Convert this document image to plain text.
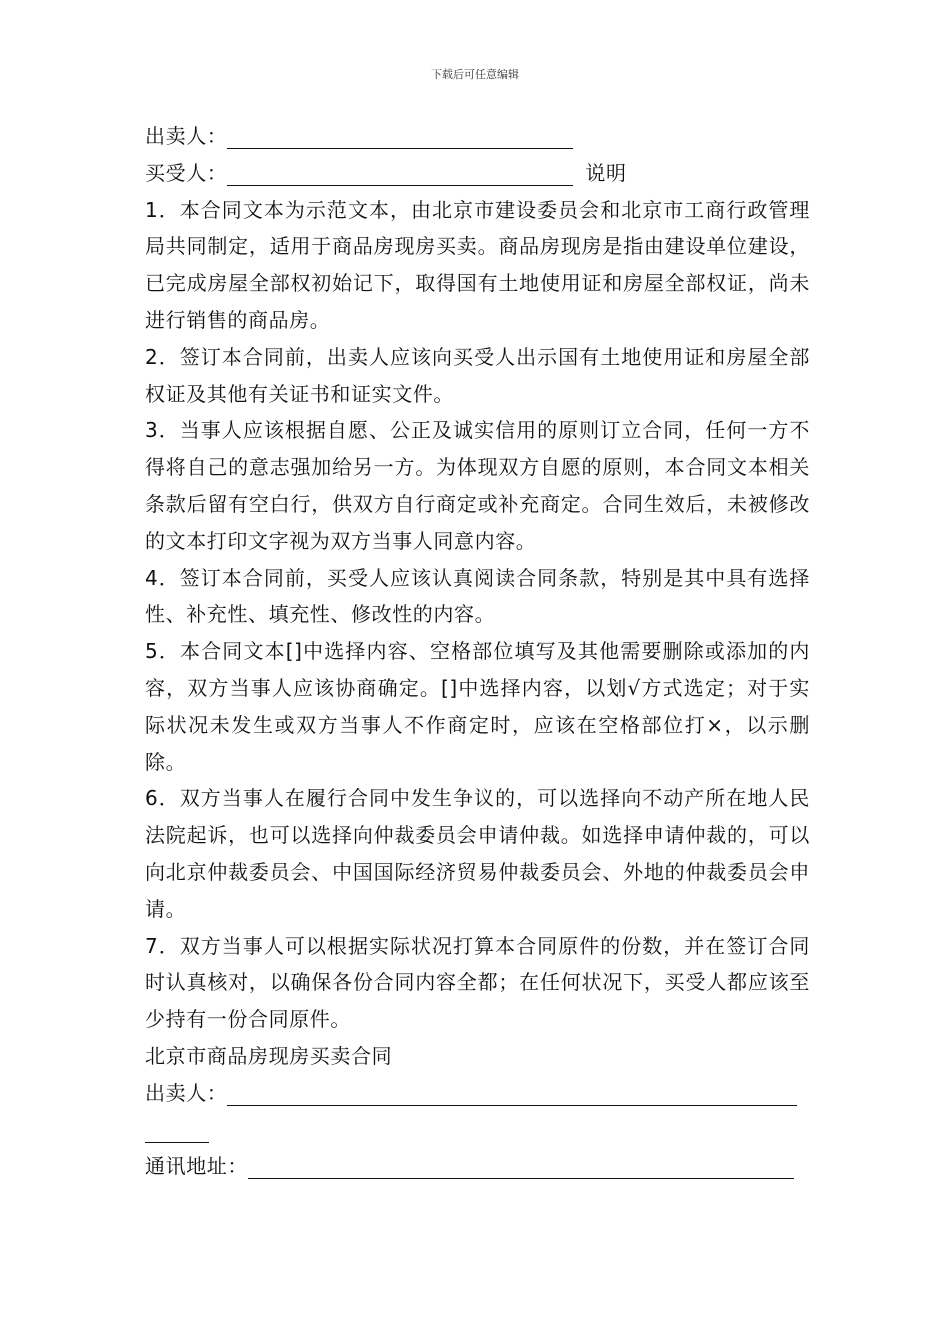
下载后可任意编辑
出卖人：
买受人：	说明
1．本合同文本为示范文本，由北京市建设委员会和北京市工商行政管理局共同制定，适用于商品房现房买卖。商品房现房是指由建设单位建设，已完成房屋全部权初始记下，取得国有土地使用证和房屋全部权证，尚未进行销售的商品房。
2．签订本合同前，出卖人应该向买受人出示国有土地使用证和房屋全部权证及其他有关证书和证实文件。
3．当事人应该根据自愿、公正及诚实信用的原则订立合同，任何一方不得将自己的意志强加给另一方。为体现双方自愿的原则，本合同文本相关条款后留有空白行，供双方自行商定或补充商定。合同生效后，未被修改的文本打印文字视为双方当事人同意内容。
4．签订本合同前，买受人应该认真阅读合同条款，特别是其中具有选择性、补充性、填充性、修改性的内容。
5．本合同文本[]中选择内容、空格部位填写及其他需要删除或添加的内容，双方当事人应该协商确定。[]中选择内容，以划√方式选定；对于实际状况未发生或双方当事人不作商定时，应该在空格部位打×，以示删除。
6．双方当事人在履行合同中发生争议的，可以选择向不动产所在地人民法院起诉，也可以选择向仲裁委员会申请仲裁。如选择申请仲裁的，可以向北京仲裁委员会、中国国际经济贸易仲裁委员会、外地的仲裁委员会申请。
7．双方当事人可以根据实际状况打算本合同原件的份数，并在签订合同时认真核对，以确保各份合同内容全都；在任何状况下，买受人都应该至少持有一份合同原件。
北京市商品房现房买卖合同
出卖人：
通讯地址：
